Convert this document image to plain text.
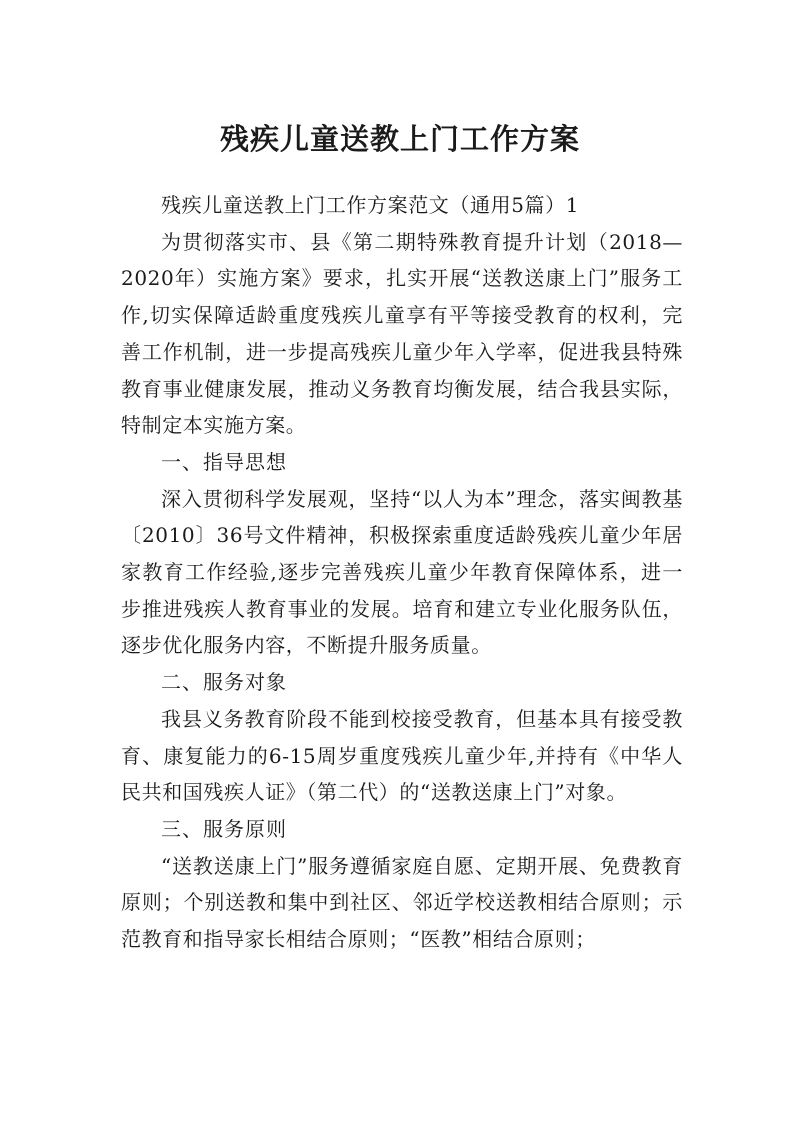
残疾儿童送教上门工作方案

残疾儿童送教上门工作方案范文（通用5篇）1

为贯彻落实市、县《第二期特殊教育提升计划（2018—2020年）实施方案》要求，扎实开展“送教送康上门”服务工作,切实保障适龄重度残疾儿童享有平等接受教育的权利，完善工作机制，进一步提高残疾儿童少年入学率，促进我县特殊教育事业健康发展，推动义务教育均衡发展，结合我县实际，特制定本实施方案。

一、指导思想

深入贯彻科学发展观，坚持“以人为本”理念，落实闽教基〔2010〕36号文件精神，积极探索重度适龄残疾儿童少年居家教育工作经验,逐步完善残疾儿童少年教育保障体系，进一步推进残疾人教育事业的发展。培育和建立专业化服务队伍，逐步优化服务内容，不断提升服务质量。

二、服务对象

我县义务教育阶段不能到校接受教育，但基本具有接受教育、康复能力的6-15周岁重度残疾儿童少年,并持有《中华人民共和国残疾人证》（第二代）的“送教送康上门”对象。

三、服务原则

“送教送康上门”服务遵循家庭自愿、定期开展、免费教育原则；个别送教和集中到社区、邻近学校送教相结合原则；示范教育和指导家长相结合原则；“医教”相结合原则；
